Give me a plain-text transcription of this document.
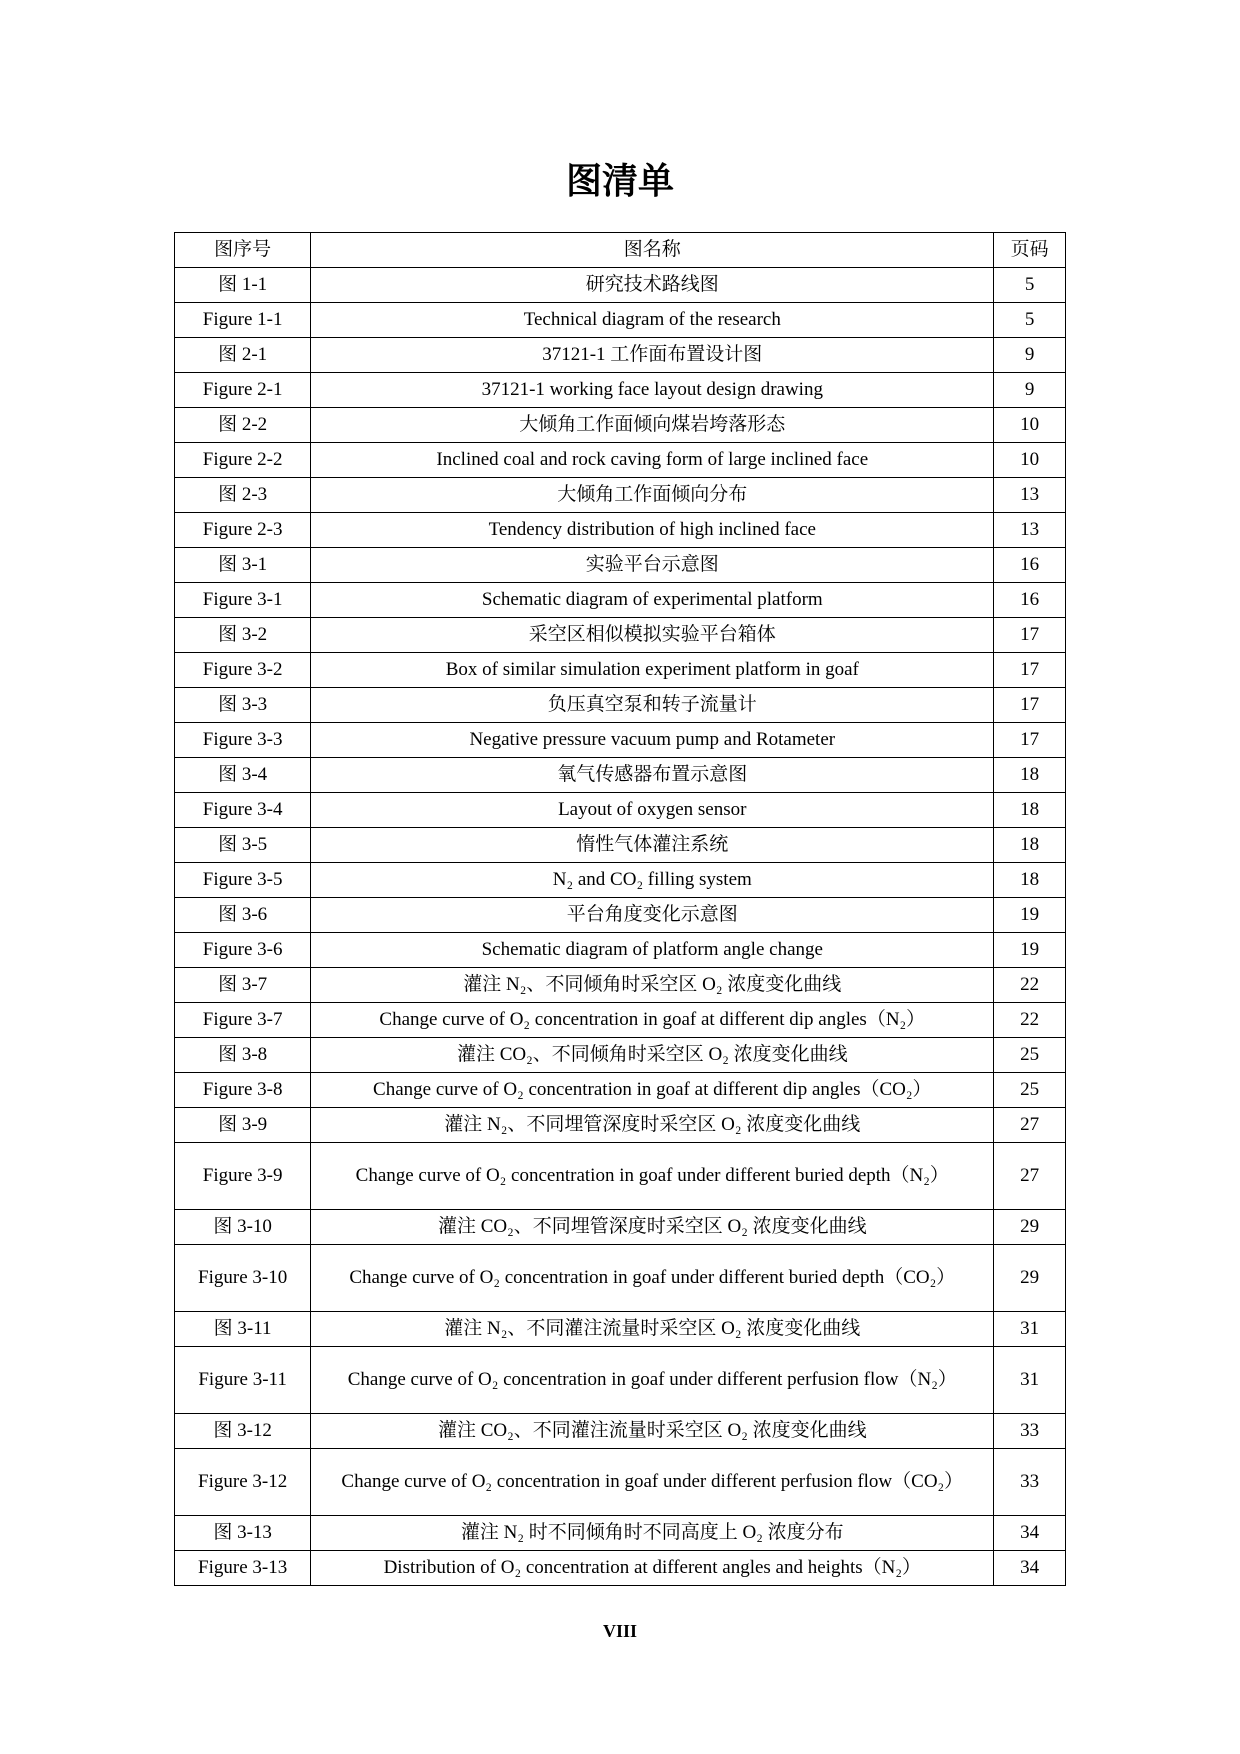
图清单
图序号	图名称	页码
图 1-1	研究技术路线图	5
Figure 1-1	Technical diagram of the research	5
图 2-1	37121-1 工作面布置设计图	9
Figure 2-1	37121-1 working face layout design drawing	9
图 2-2	大倾角工作面倾向煤岩垮落形态	10
Figure 2-2	Inclined coal and rock caving form of large inclined face	10
图 2-3	大倾角工作面倾向分布	13
Figure 2-3	Tendency distribution of high inclined face	13
图 3-1	实验平台示意图	16
Figure 3-1	Schematic diagram of experimental platform	16
图 3-2	采空区相似模拟实验平台箱体	17
Figure 3-2	Box of similar simulation experiment platform in goaf	17
图 3-3	负压真空泵和转子流量计	17
Figure 3-3	Negative pressure vacuum pump and Rotameter	17
图 3-4	氧气传感器布置示意图	18
Figure 3-4	Layout of oxygen sensor	18
图 3-5	惰性气体灌注系统	18
Figure 3-5	N₂ and CO₂ filling system	18
图 3-6	平台角度变化示意图	19
Figure 3-6	Schematic diagram of platform angle change	19
图 3-7	灌注 N₂、不同倾角时采空区 O₂ 浓度变化曲线	22
Figure 3-7	Change curve of O₂ concentration in goaf at different dip angles（N₂）	22
图 3-8	灌注 CO₂、不同倾角时采空区 O₂ 浓度变化曲线	25
Figure 3-8	Change curve of O₂ concentration in goaf at different dip angles（CO₂）	25
图 3-9	灌注 N₂、不同埋管深度时采空区 O₂ 浓度变化曲线	27
Figure 3-9	Change curve of O₂ concentration in goaf under different buried depth（N₂）	27
图 3-10	灌注 CO₂、不同埋管深度时采空区 O₂ 浓度变化曲线	29
Figure 3-10	Change curve of O₂ concentration in goaf under different buried depth（CO₂）	29
图 3-11	灌注 N₂、不同灌注流量时采空区 O₂ 浓度变化曲线	31
Figure 3-11	Change curve of O₂ concentration in goaf under different perfusion flow（N₂）	31
图 3-12	灌注 CO₂、不同灌注流量时采空区 O₂ 浓度变化曲线	33
Figure 3-12	Change curve of O₂ concentration in goaf under different perfusion flow（CO₂）	33
图 3-13	灌注 N₂ 时不同倾角时不同高度上 O₂ 浓度分布	34
Figure 3-13	Distribution of O₂ concentration at different angles and heights（N₂）	34
VIII
